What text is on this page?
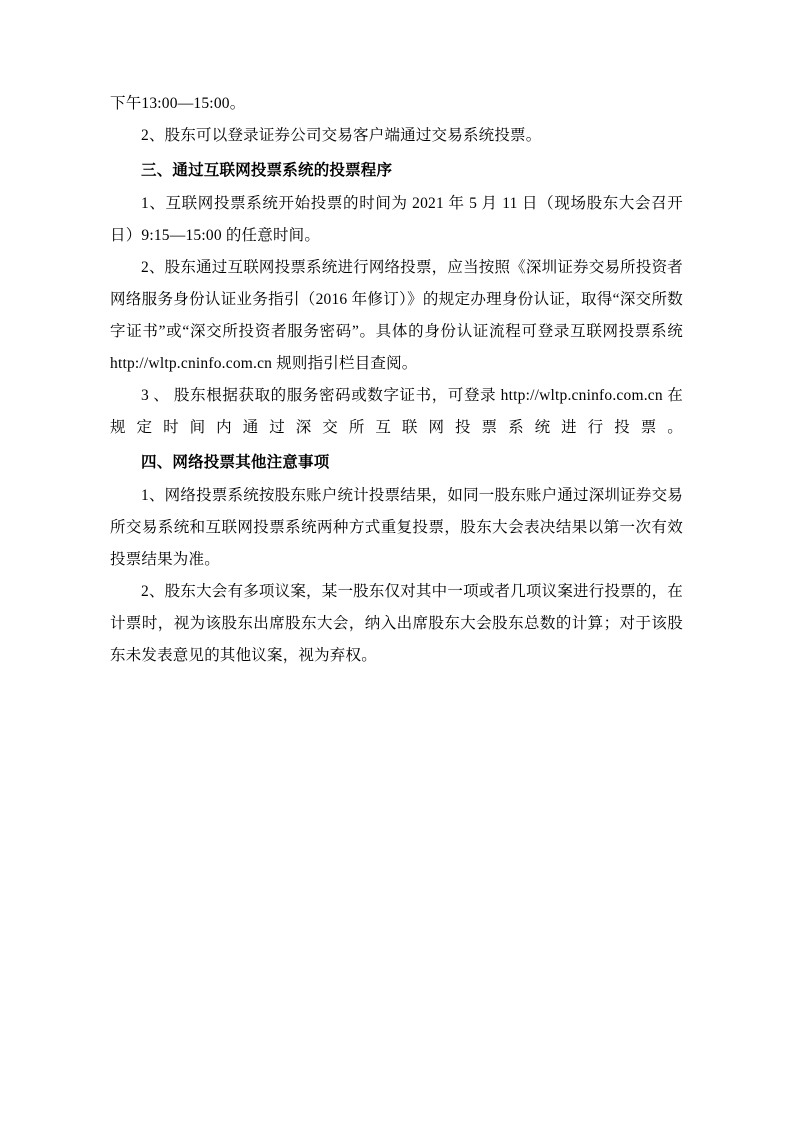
下午13:00—15:00。

2、股东可以登录证券公司交易客户端通过交易系统投票。

三、通过互联网投票系统的投票程序

1、互联网投票系统开始投票的时间为 2021 年 5 月 11 日（现场股东大会召开日）9:15—15:00 的任意时间。

2、股东通过互联网投票系统进行网络投票，应当按照《深圳证券交易所投资者网络服务身份认证业务指引（2016 年修订）》的规定办理身份认证，取得“深交所数字证书”或“深交所投资者服务密码”。具体的身份认证流程可登录互联网投票系统 http://wltp.cninfo.com.cn 规则指引栏目查阅。

3 、 股东根据获取的服务密码或数字证书，可登录 http://wltp.cninfo.com.cn 在规定时间内通过深交所互联网投票系统进行投票。

四、网络投票其他注意事项

1、网络投票系统按股东账户统计投票结果，如同一股东账户通过深圳证券交易所交易系统和互联网投票系统两种方式重复投票，股东大会表决结果以第一次有效投票结果为准。

2、股东大会有多项议案，某一股东仅对其中一项或者几项议案进行投票的，在计票时，视为该股东出席股东大会，纳入出席股东大会股东总数的计算；对于该股东未发表意见的其他议案，视为弃权。
